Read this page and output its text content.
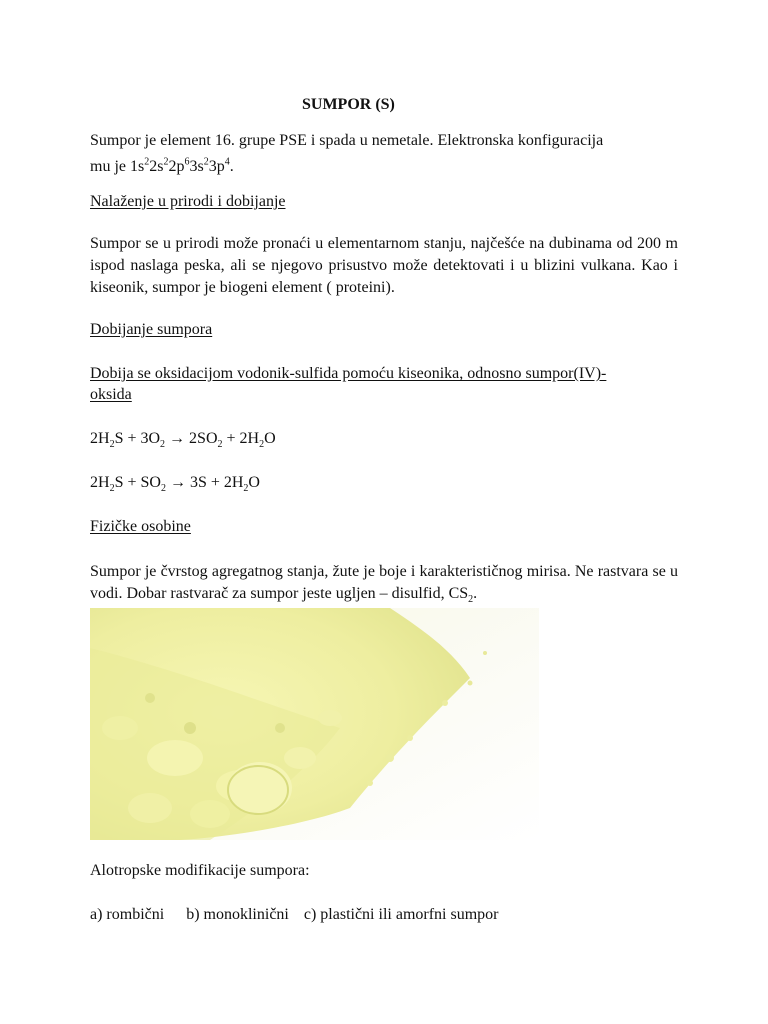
SUMPOR (S)
Sumpor je element 16. grupe PSE i spada u nemetale. Elektronska konfiguracija
mu je $1s^22s^22p^63s^23p^4$.
Nalaženje u prirodi i dobijanje
Sumpor se u prirodi može pronaći u elementarnom stanju, najčešće na dubinama od 200 m ispod naslaga peska, ali se njegovo prisustvo može detektovati i u blizini vulkana. Kao i kiseonik, sumpor je biogeni element ( proteini).
Dobijanje sumpora
Dobija se oksidacijom vodonik-sulfida pomoću kiseonika, odnosno sumpor(IV)-
oksida
$2H_2S + 3O_2 \to 2SO_2 + 2H_2O$
$2H_2S + SO_2 \to 3S + 2H_2O$
Fizičke osobine
Sumpor je čvrstog agregatnog stanja, žute je boje i karakterističnog mirisa. Ne rastvara se u vodi. Dobar rastvarač za sumpor jeste ugljen – disulfid, $CS_2$.
Alotropske modifikacije sumpora:
a) rombični b) monoklinični c) plastični ili amorfni sumpor
